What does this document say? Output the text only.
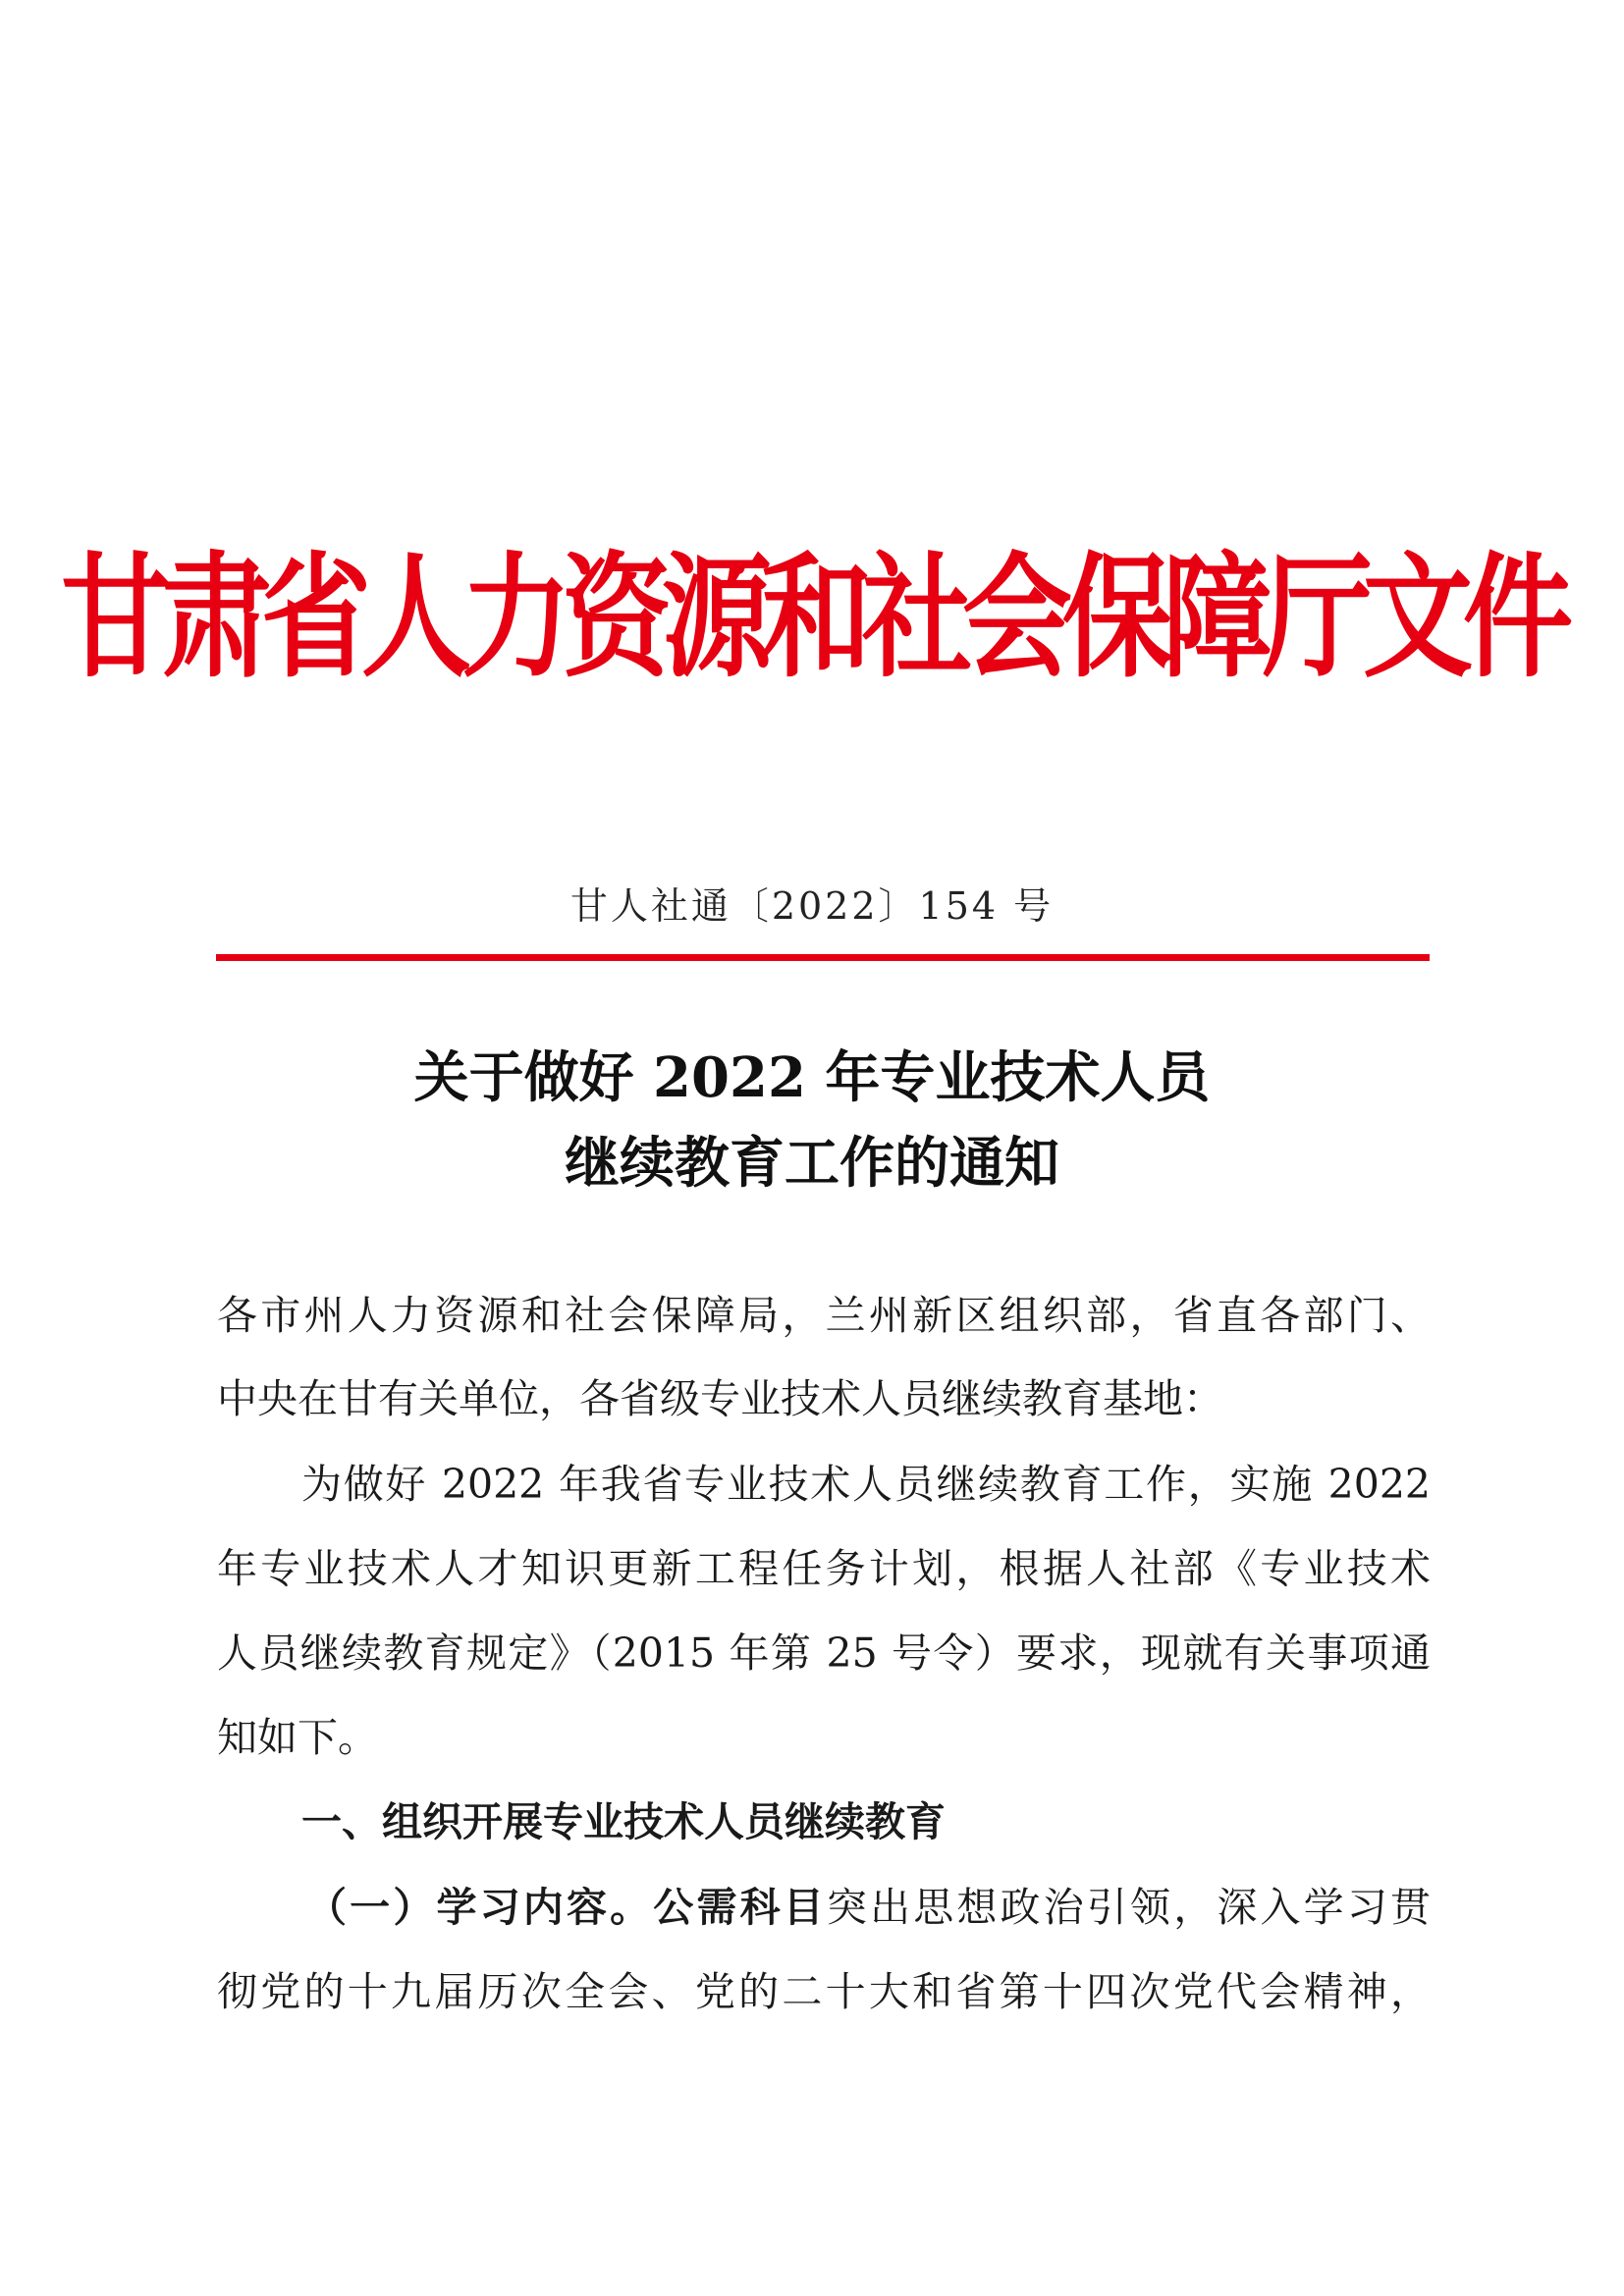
甘肃省人力资源和社会保障厅文件
甘人社通〔2022〕154 号
关于做好 2022 年专业技术人员
继续教育工作的通知
各市州人力资源和社会保障局，兰州新区组织部，省直各部门、
中央在甘有关单位，各省级专业技术人员继续教育基地：
为做好 2022 年我省专业技术人员继续教育工作，实施 2022
年专业技术人才知识更新工程任务计划，根据人社部《专业技术
人员继续教育规定》（2015 年第 25 号令）要求，现就有关事项通
知如下。
一、组织开展专业技术人员继续教育
（一）学习内容。公需科目突出思想政治引领，深入学习贯
彻党的十九届历次全会、党的二十大和省第十四次党代会精神，
